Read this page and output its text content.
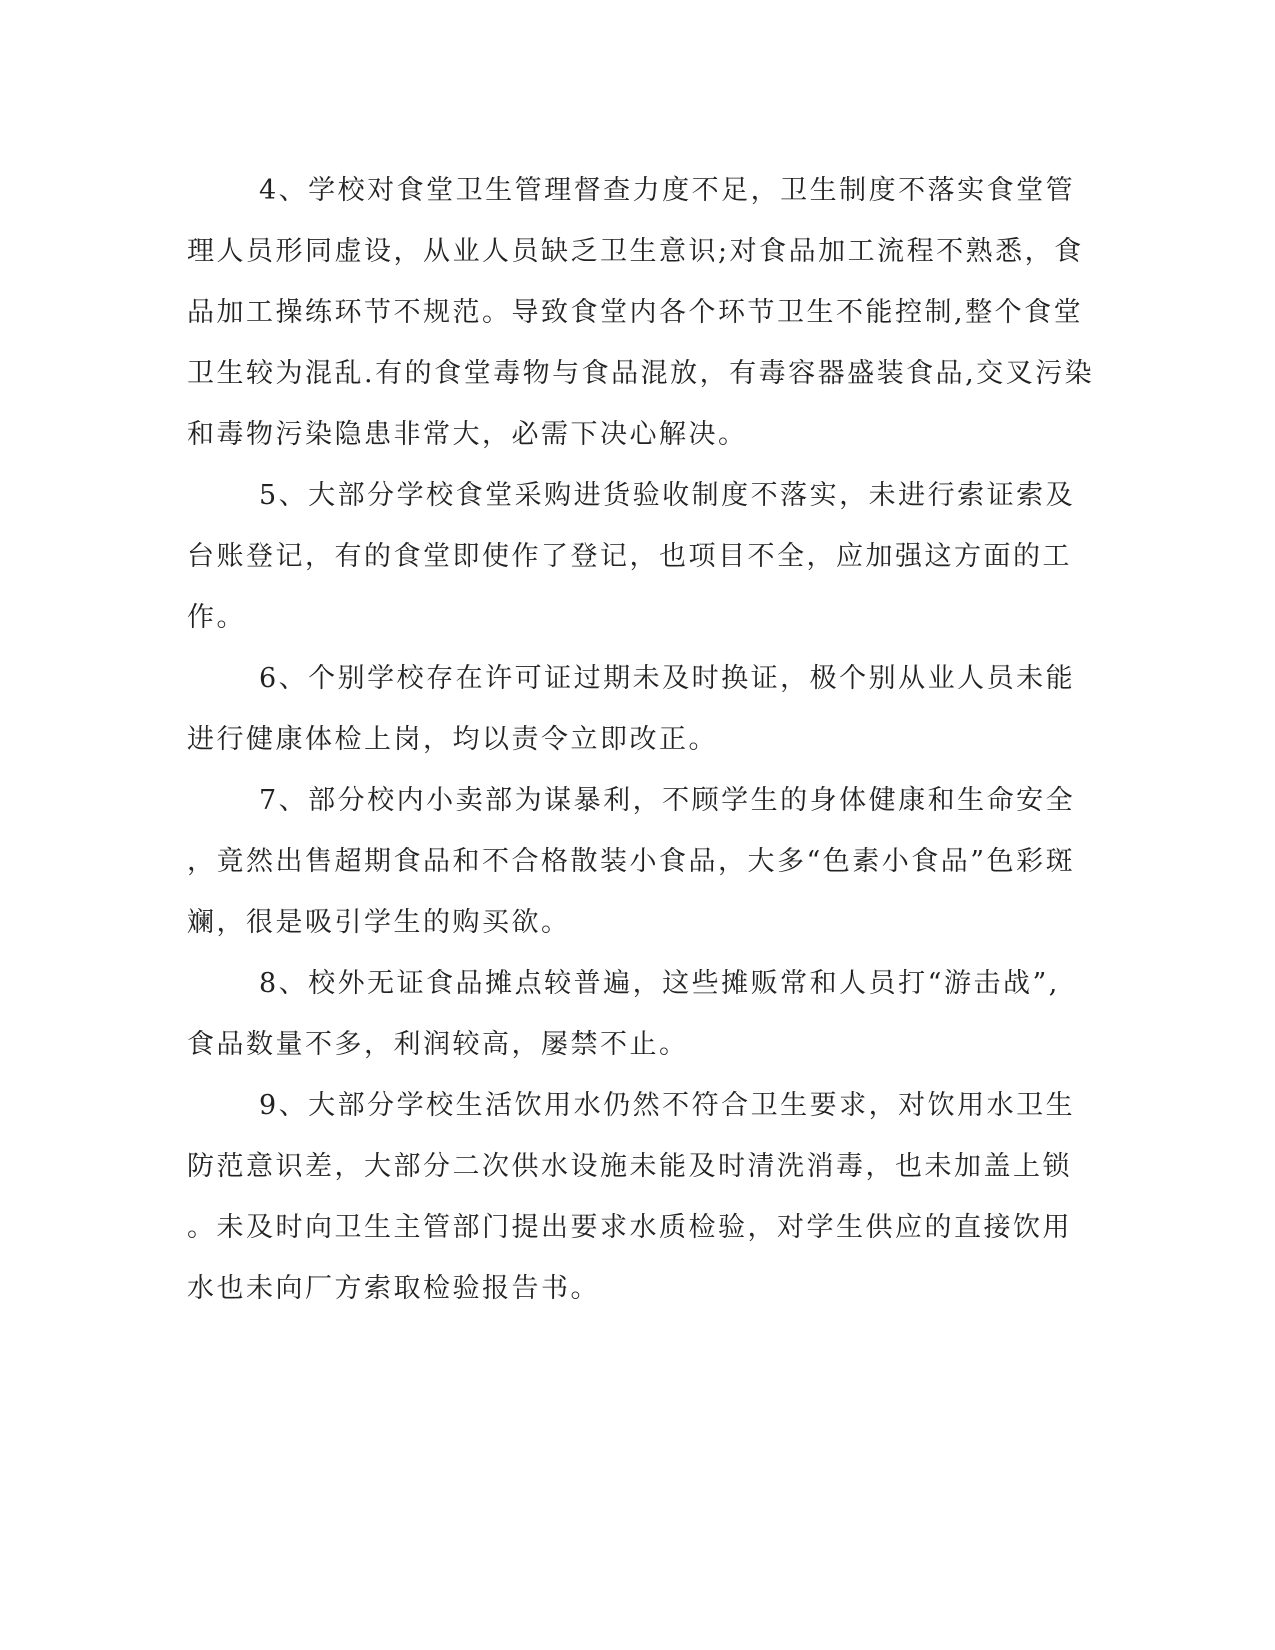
4、学校对食堂卫生管理督查力度不足，卫生制度不落实食堂管
理人员形同虚设，从业人员缺乏卫生意识;对食品加工流程不熟悉，食
品加工操练环节不规范。导致食堂内各个环节卫生不能控制,整个食堂
卫生较为混乱.有的食堂毒物与食品混放，有毒容器盛装食品,交叉污染
和毒物污染隐患非常大，必需下决心解决。
5、大部分学校食堂采购进货验收制度不落实，未进行索证索及
台账登记，有的食堂即使作了登记，也项目不全，应加强这方面的工
作。
6、个别学校存在许可证过期未及时换证，极个别从业人员未能
进行健康体检上岗，均以责令立即改正。
7、部分校内小卖部为谋暴利，不顾学生的身体健康和生命安全
，竟然出售超期食品和不合格散装小食品，大多“色素小食品”色彩斑
斓，很是吸引学生的购买欲。
8、校外无证食品摊点较普遍，这些摊贩常和人员打“游击战”,
食品数量不多，利润较高，屡禁不止。
9、大部分学校生活饮用水仍然不符合卫生要求，对饮用水卫生
防范意识差，大部分二次供水设施未能及时清洗消毒，也未加盖上锁
。未及时向卫生主管部门提出要求水质检验，对学生供应的直接饮用
水也未向厂方索取检验报告书。
